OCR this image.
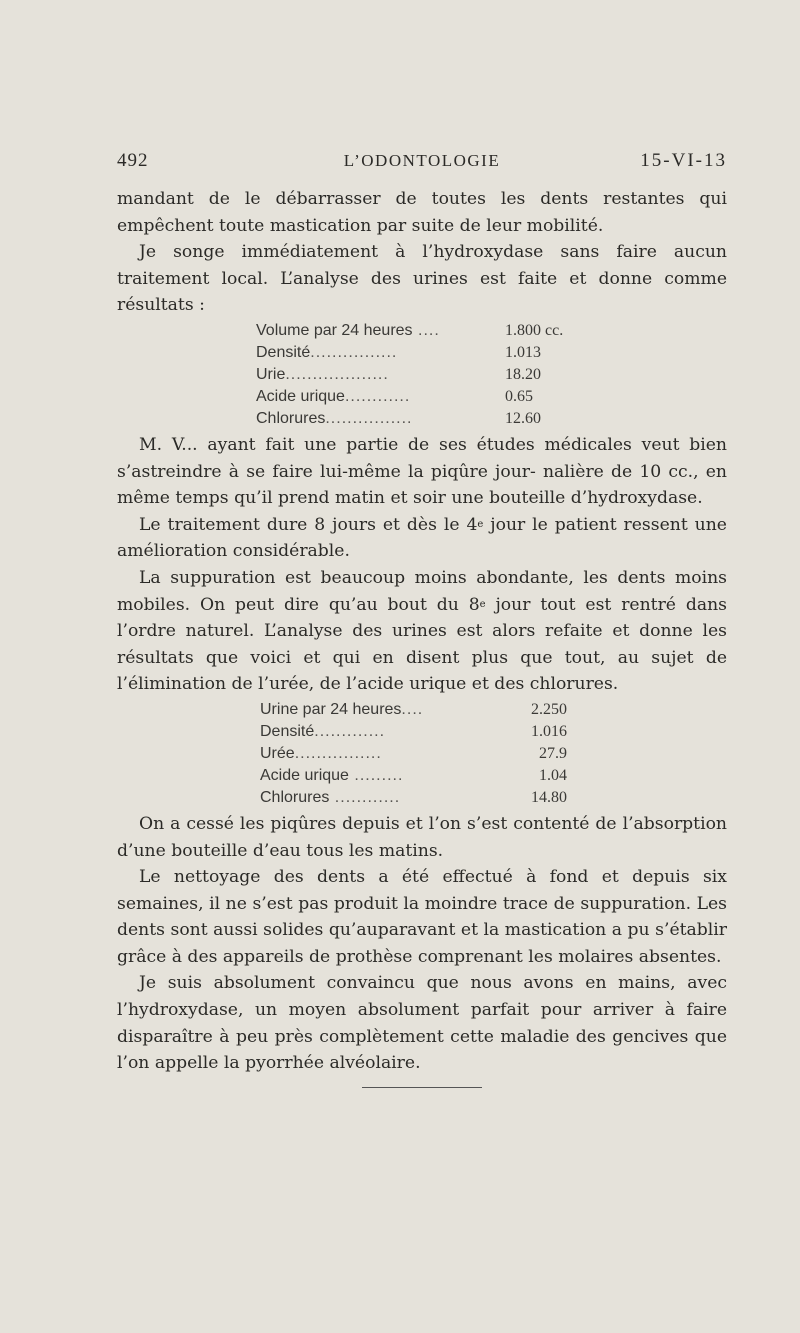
492	L’ODONTOLOGIE	15-VI-13

mandant de le débarrasser de toutes les dents restantes qui empêchent toute mastication par suite de leur mobilité.

Je songe immédiatement à l’hydroxydase sans faire aucun traitement local. L’analyse des urines est faite et donne comme résultats :

Volume par 24 heures ....	1.800 cc.
Densité................	1.013
Urie...................	18.20
Acide urique............	0.65
Chlorures................	12.60

M. V... ayant fait une partie de ses études médicales veut bien s’astreindre à se faire lui-même la piqûre jour- nalière de 10 cc., en même temps qu’il prend matin et soir une bouteille d’hydroxydase.

Le traitement dure 8 jours et dès le 4e jour le patient ressent une amélioration considérable.

La suppuration est beaucoup moins abondante, les dents moins mobiles. On peut dire qu’au bout du 8e jour tout est rentré dans l’ordre naturel. L’analyse des urines est alors refaite et donne les résultats que voici et qui en disent plus que tout, au sujet de l’élimination de l’urée, de l’acide urique et des chlorures.

Urine par 24 heures....	2.250
Densité.............	1.016
Urée................	27.9
Acide urique .........	1.04
Chlorures ............	14.80

On a cessé les piqûres depuis et l’on s’est contenté de l’absorption d’une bouteille d’eau tous les matins.

Le nettoyage des dents a été effectué à fond et depuis six semaines, il ne s’est pas produit la moindre trace de suppuration. Les dents sont aussi solides qu’auparavant et la mastication a pu s’établir grâce à des appareils de prothèse comprenant les molaires absentes.

Je suis absolument convaincu que nous avons en mains, avec l’hydroxydase, un moyen absolument parfait pour arriver à faire disparaître à peu près complètement cette maladie des gencives que l’on appelle la pyorrhée alvéolaire.
